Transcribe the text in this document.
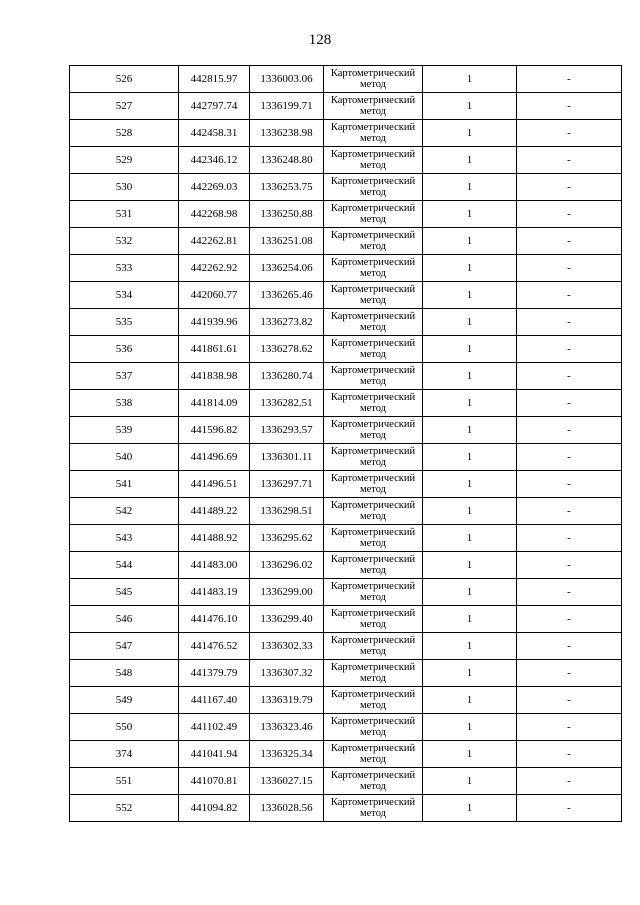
128
526	442815.97	1336003.06	Картометрический метод	1	-
527	442797.74	1336199.71	Картометрический метод	1	-
528	442458.31	1336238.98	Картометрический метод	1	-
529	442346.12	1336248.80	Картометрический метод	1	-
530	442269.03	1336253.75	Картометрический метод	1	-
531	442268.98	1336250.88	Картометрический метод	1	-
532	442262.81	1336251.08	Картометрический метод	1	-
533	442262.92	1336254.06	Картометрический метод	1	-
534	442060.77	1336265.46	Картометрический метод	1	-
535	441939.96	1336273.82	Картометрический метод	1	-
536	441861.61	1336278.62	Картометрический метод	1	-
537	441838.98	1336280.74	Картометрический метод	1	-
538	441814.09	1336282.51	Картометрический метод	1	-
539	441596.82	1336293.57	Картометрический метод	1	-
540	441496.69	1336301.11	Картометрический метод	1	-
541	441496.51	1336297.71	Картометрический метод	1	-
542	441489.22	1336298.51	Картометрический метод	1	-
543	441488.92	1336295.62	Картометрический метод	1	-
544	441483.00	1336296.02	Картометрический метод	1	-
545	441483.19	1336299.00	Картометрический метод	1	-
546	441476.10	1336299.40	Картометрический метод	1	-
547	441476.52	1336302.33	Картометрический метод	1	-
548	441379.79	1336307.32	Картометрический метод	1	-
549	441167.40	1336319.79	Картометрический метод	1	-
550	441102.49	1336323.46	Картометрический метод	1	-
374	441041.94	1336325.34	Картометрический метод	1	-
551	441070.81	1336027.15	Картометрический метод	1	-
552	441094.82	1336028.56	Картометрический метод	1	-
